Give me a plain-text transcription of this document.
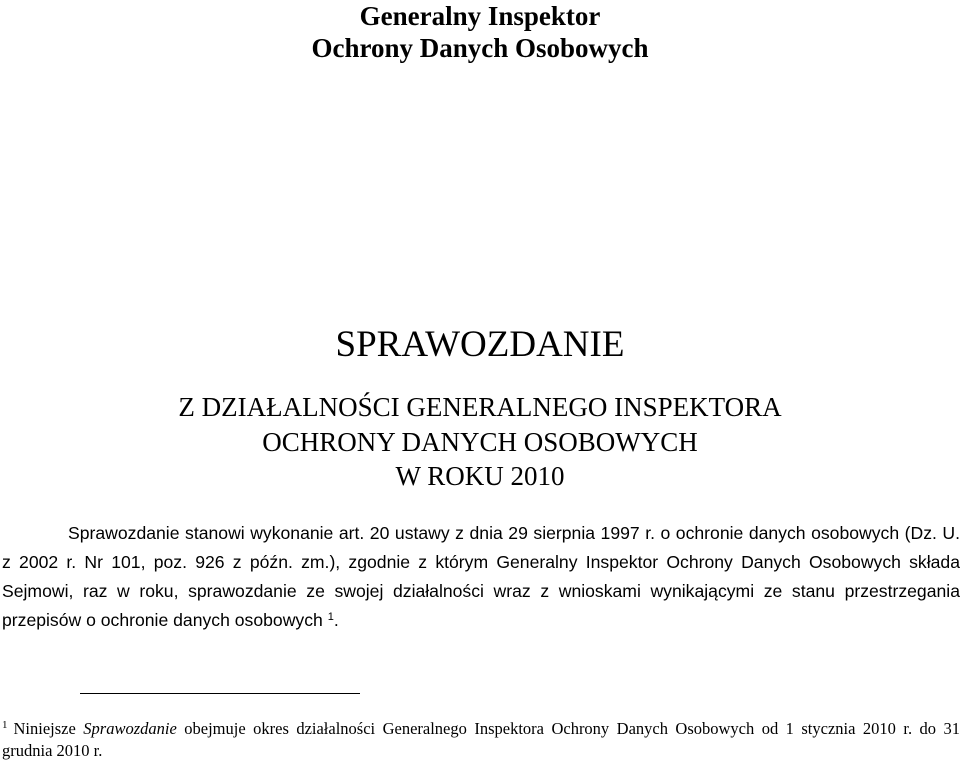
Generalny Inspektor
Ochrony Danych Osobowych
SPRAWOZDANIE
Z DZIAŁALNOŚCI GENERALNEGO INSPEKTORA
OCHRONY DANYCH OSOBOWYCH
W ROKU 2010

Sprawozdanie stanowi wykonanie art. 20 ustawy z dnia 29 sierpnia 1997 r. o ochronie danych osobowych (Dz. U. z 2002 r. Nr 101, poz. 926 z późn. zm.), zgodnie z którym Generalny Inspektor Ochrony Danych Osobowych składa Sejmowi, raz w roku, sprawozdanie ze swojej działalności wraz z wnioskami wynikającymi ze stanu przestrzegania przepisów o ochronie danych osobowych $^1$.

$^1$ Niniejsze Sprawozdanie obejmuje okres działalności Generalnego Inspektora Ochrony Danych Osobowych od 1 stycznia 2010 r. do 31 grudnia 2010 r.
